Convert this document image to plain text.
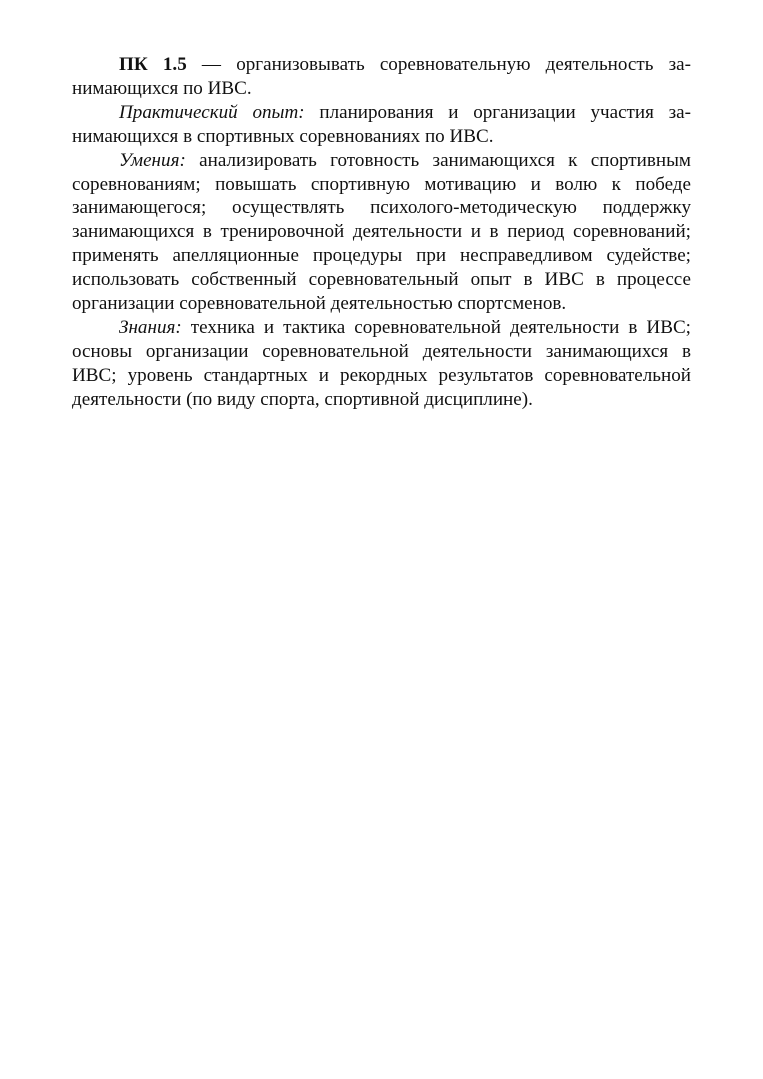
ПК 1.5 — организовывать соревновательную деятельность занимающихся по ИВС.

Практический опыт: планирования и организации участия занимающихся в спортивных соревнованиях по ИВС.

Умения: анализировать готовность занимающихся к спортивным соревнованиям; повышать спортивную мотивацию и волю к победе занимающегося; осуществлять психолого-методическую поддержку занимающихся в тренировочной деятельности и в период соревнований; применять апелляционные процедуры при несправедливом судействе; использовать собственный соревновательный опыт в ИВС в процессе организации соревновательной деятельностью спортсменов.

Знания: техника и тактика соревновательной деятельности в ИВС; основы организации соревновательной деятельности занимающихся в ИВС; уровень стандартных и рекордных результатов соревновательной деятельности (по виду спорта, спортивной дисциплине).
